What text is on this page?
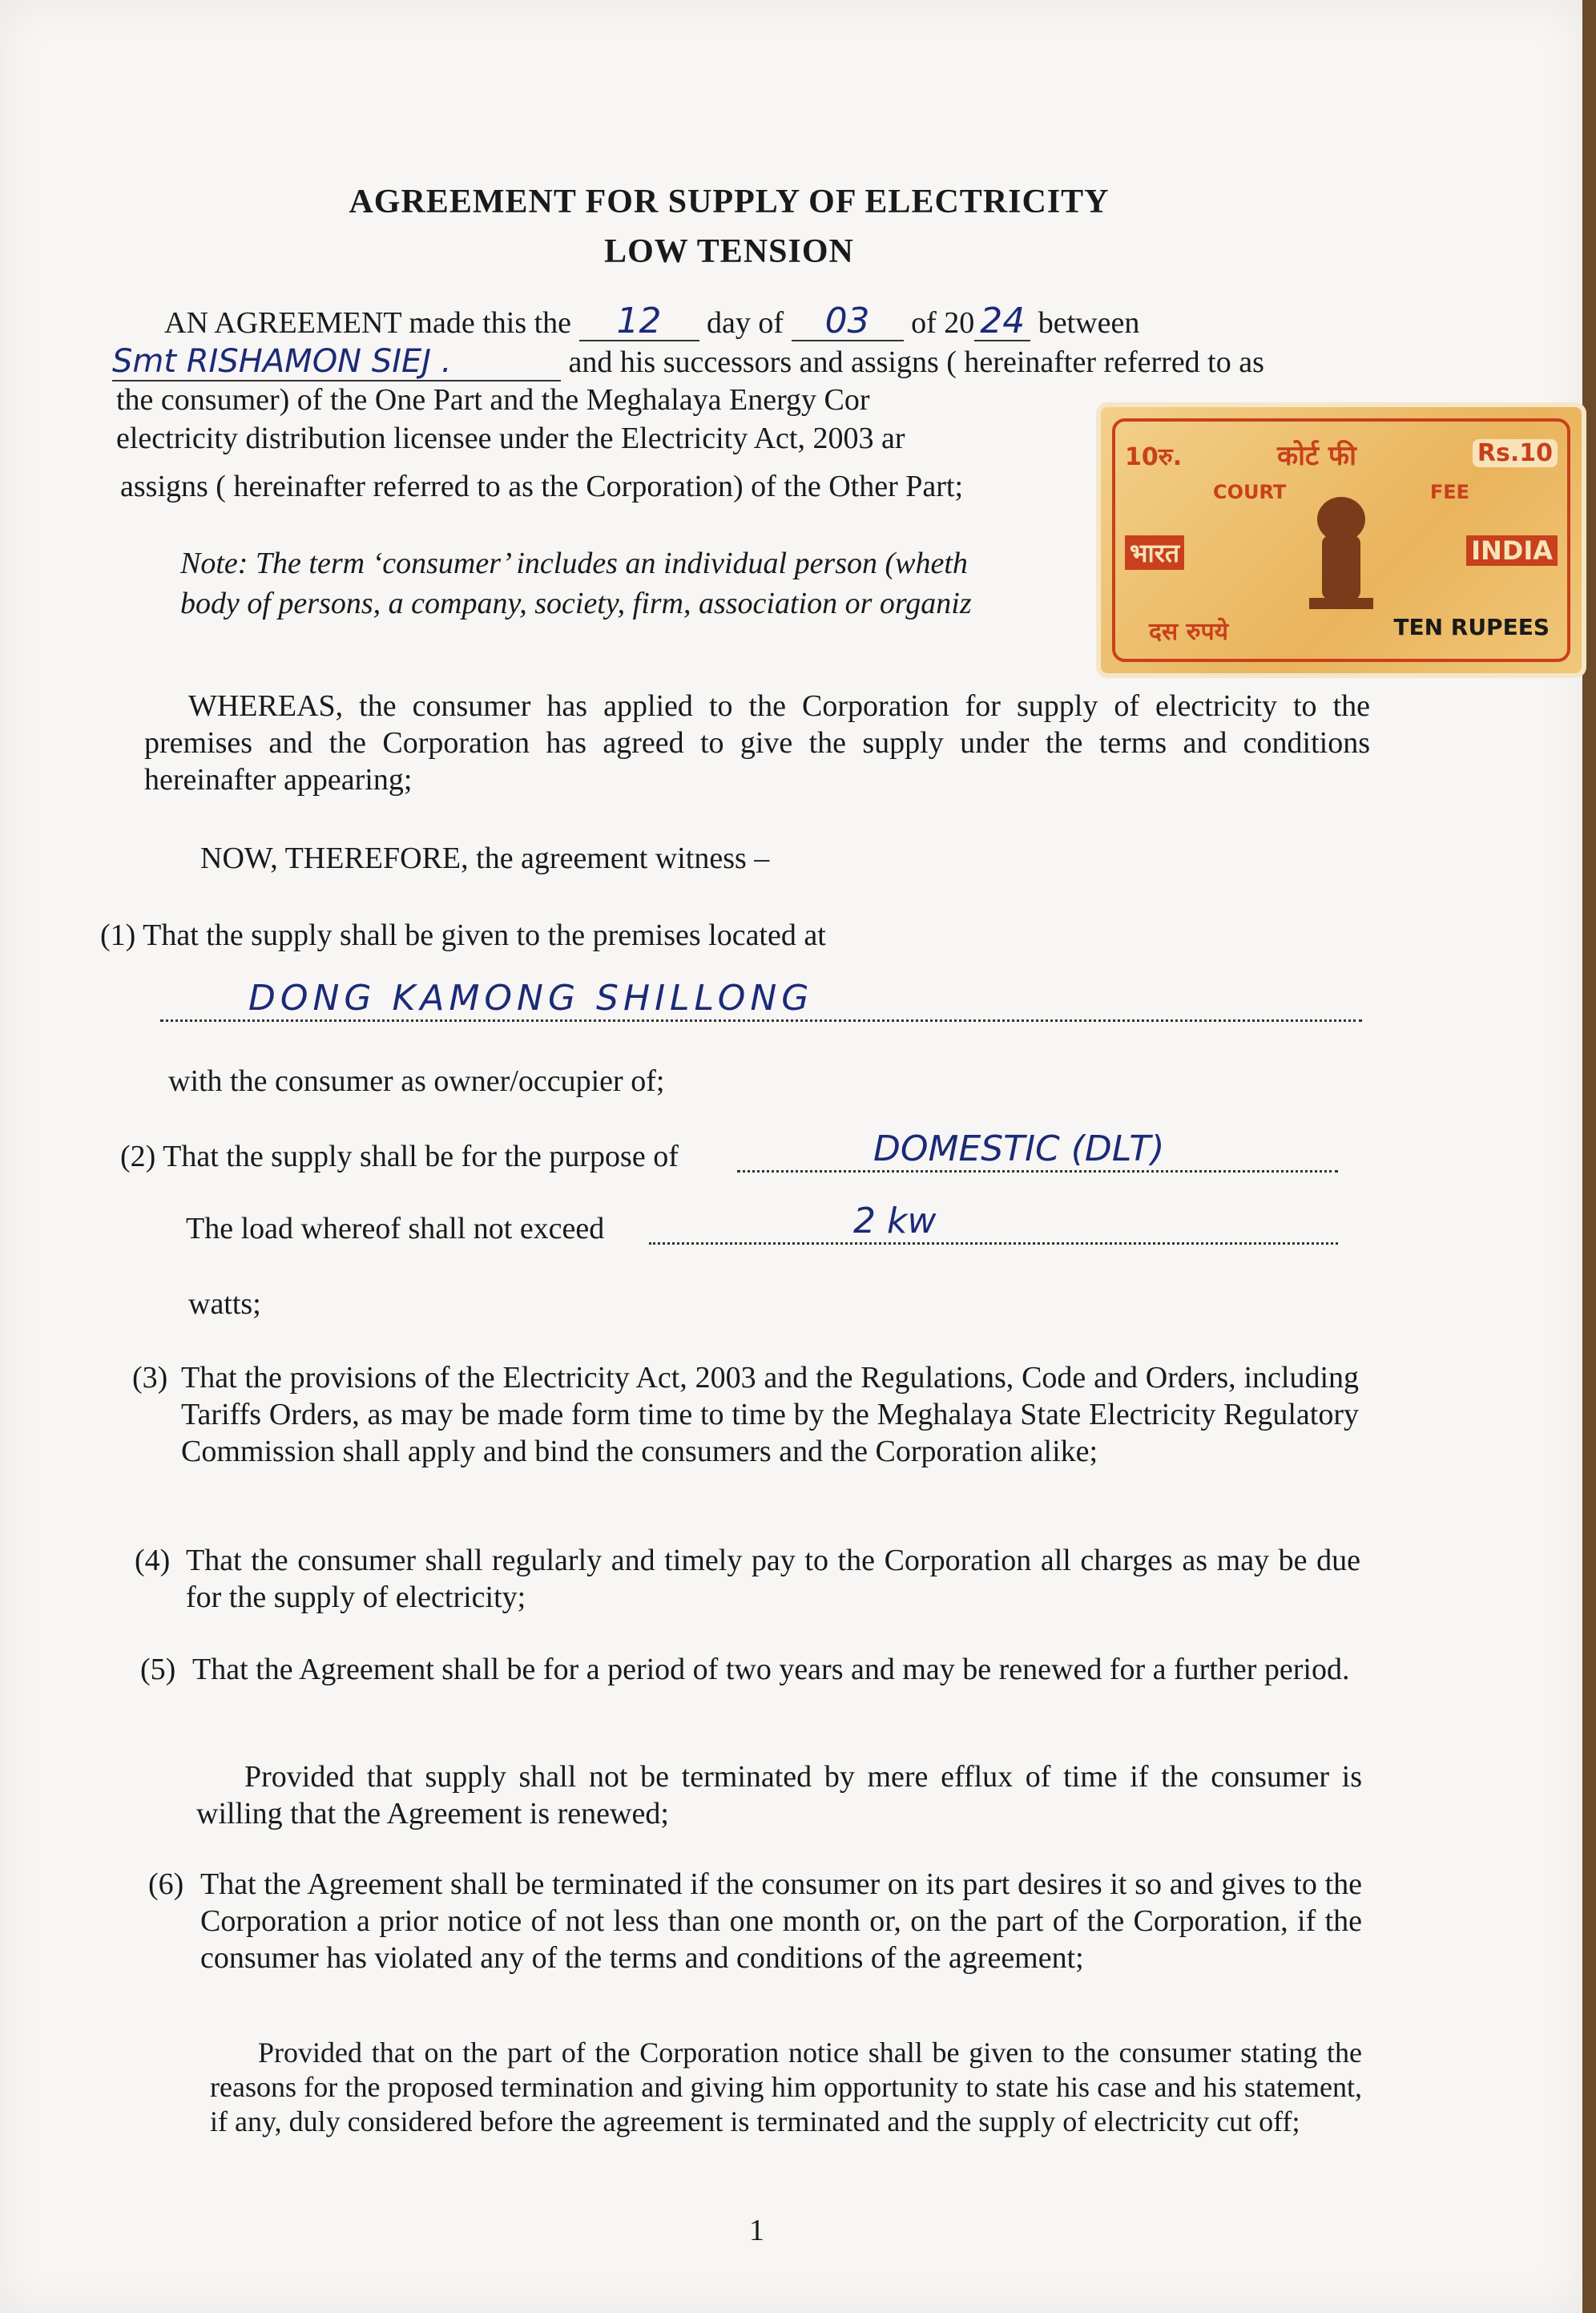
AGREEMENT FOR SUPPLY OF ELECTRICITY
LOW TENSION
AN AGREEMENT made this the 12 day of 03 of 20 24 between
Smt RISHAMON SIEJ .	and his successors and assigns ( hereinafter referred to as
the consumer) of the One Part and the Meghalaya Energy Cor
electricity distribution licensee under the Electricity Act, 2003 ar
assigns ( hereinafter referred to as the Corporation) of the Other Part;
Note: The term ‘consumer’ includes an individual person (wheth
body of persons, a company, society, firm, association or organiz
10रु.	कोर्ट फी	Rs.10
COURT	FEE
भारत	INDIA
दस रुपये	TEN RUPEES
WHEREAS, the consumer has applied to the Corporation for supply of electricity to the premises and the Corporation has agreed to give the supply under the terms and conditions hereinafter appearing;
NOW, THEREFORE, the agreement witness –
(1) That the supply shall be given to the premises located at
DONG KAMONG SHILLONG
with the consumer as owner/occupier of;
(2) That the supply shall be for the purpose of	DOMESTIC (DLT)
The load whereof shall not exceed	2 kw
watts;
(3) That the provisions of the Electricity Act, 2003 and the Regulations, Code and Orders, including Tariffs Orders, as may be made form time to time by the Meghalaya State Electricity Regulatory Commission shall apply and bind the consumers and the Corporation alike;
(4) That the consumer shall regularly and timely pay to the Corporation all charges as may be due for the supply of electricity;
(5) That the Agreement shall be for a period of two years and may be renewed for a further period.
Provided that supply shall not be terminated by mere efflux of time if the consumer is willing that the Agreement is renewed;
(6) That the Agreement shall be terminated if the consumer on its part desires it so and gives to the Corporation a prior notice of not less than one month or, on the part of the Corporation, if the consumer has violated any of the terms and conditions of the agreement;
Provided that on the part of the Corporation notice shall be given to the consumer stating the reasons for the proposed termination and giving him opportunity to state his case and his statement, if any, duly considered before the agreement is terminated and the supply of electricity cut off;
1
